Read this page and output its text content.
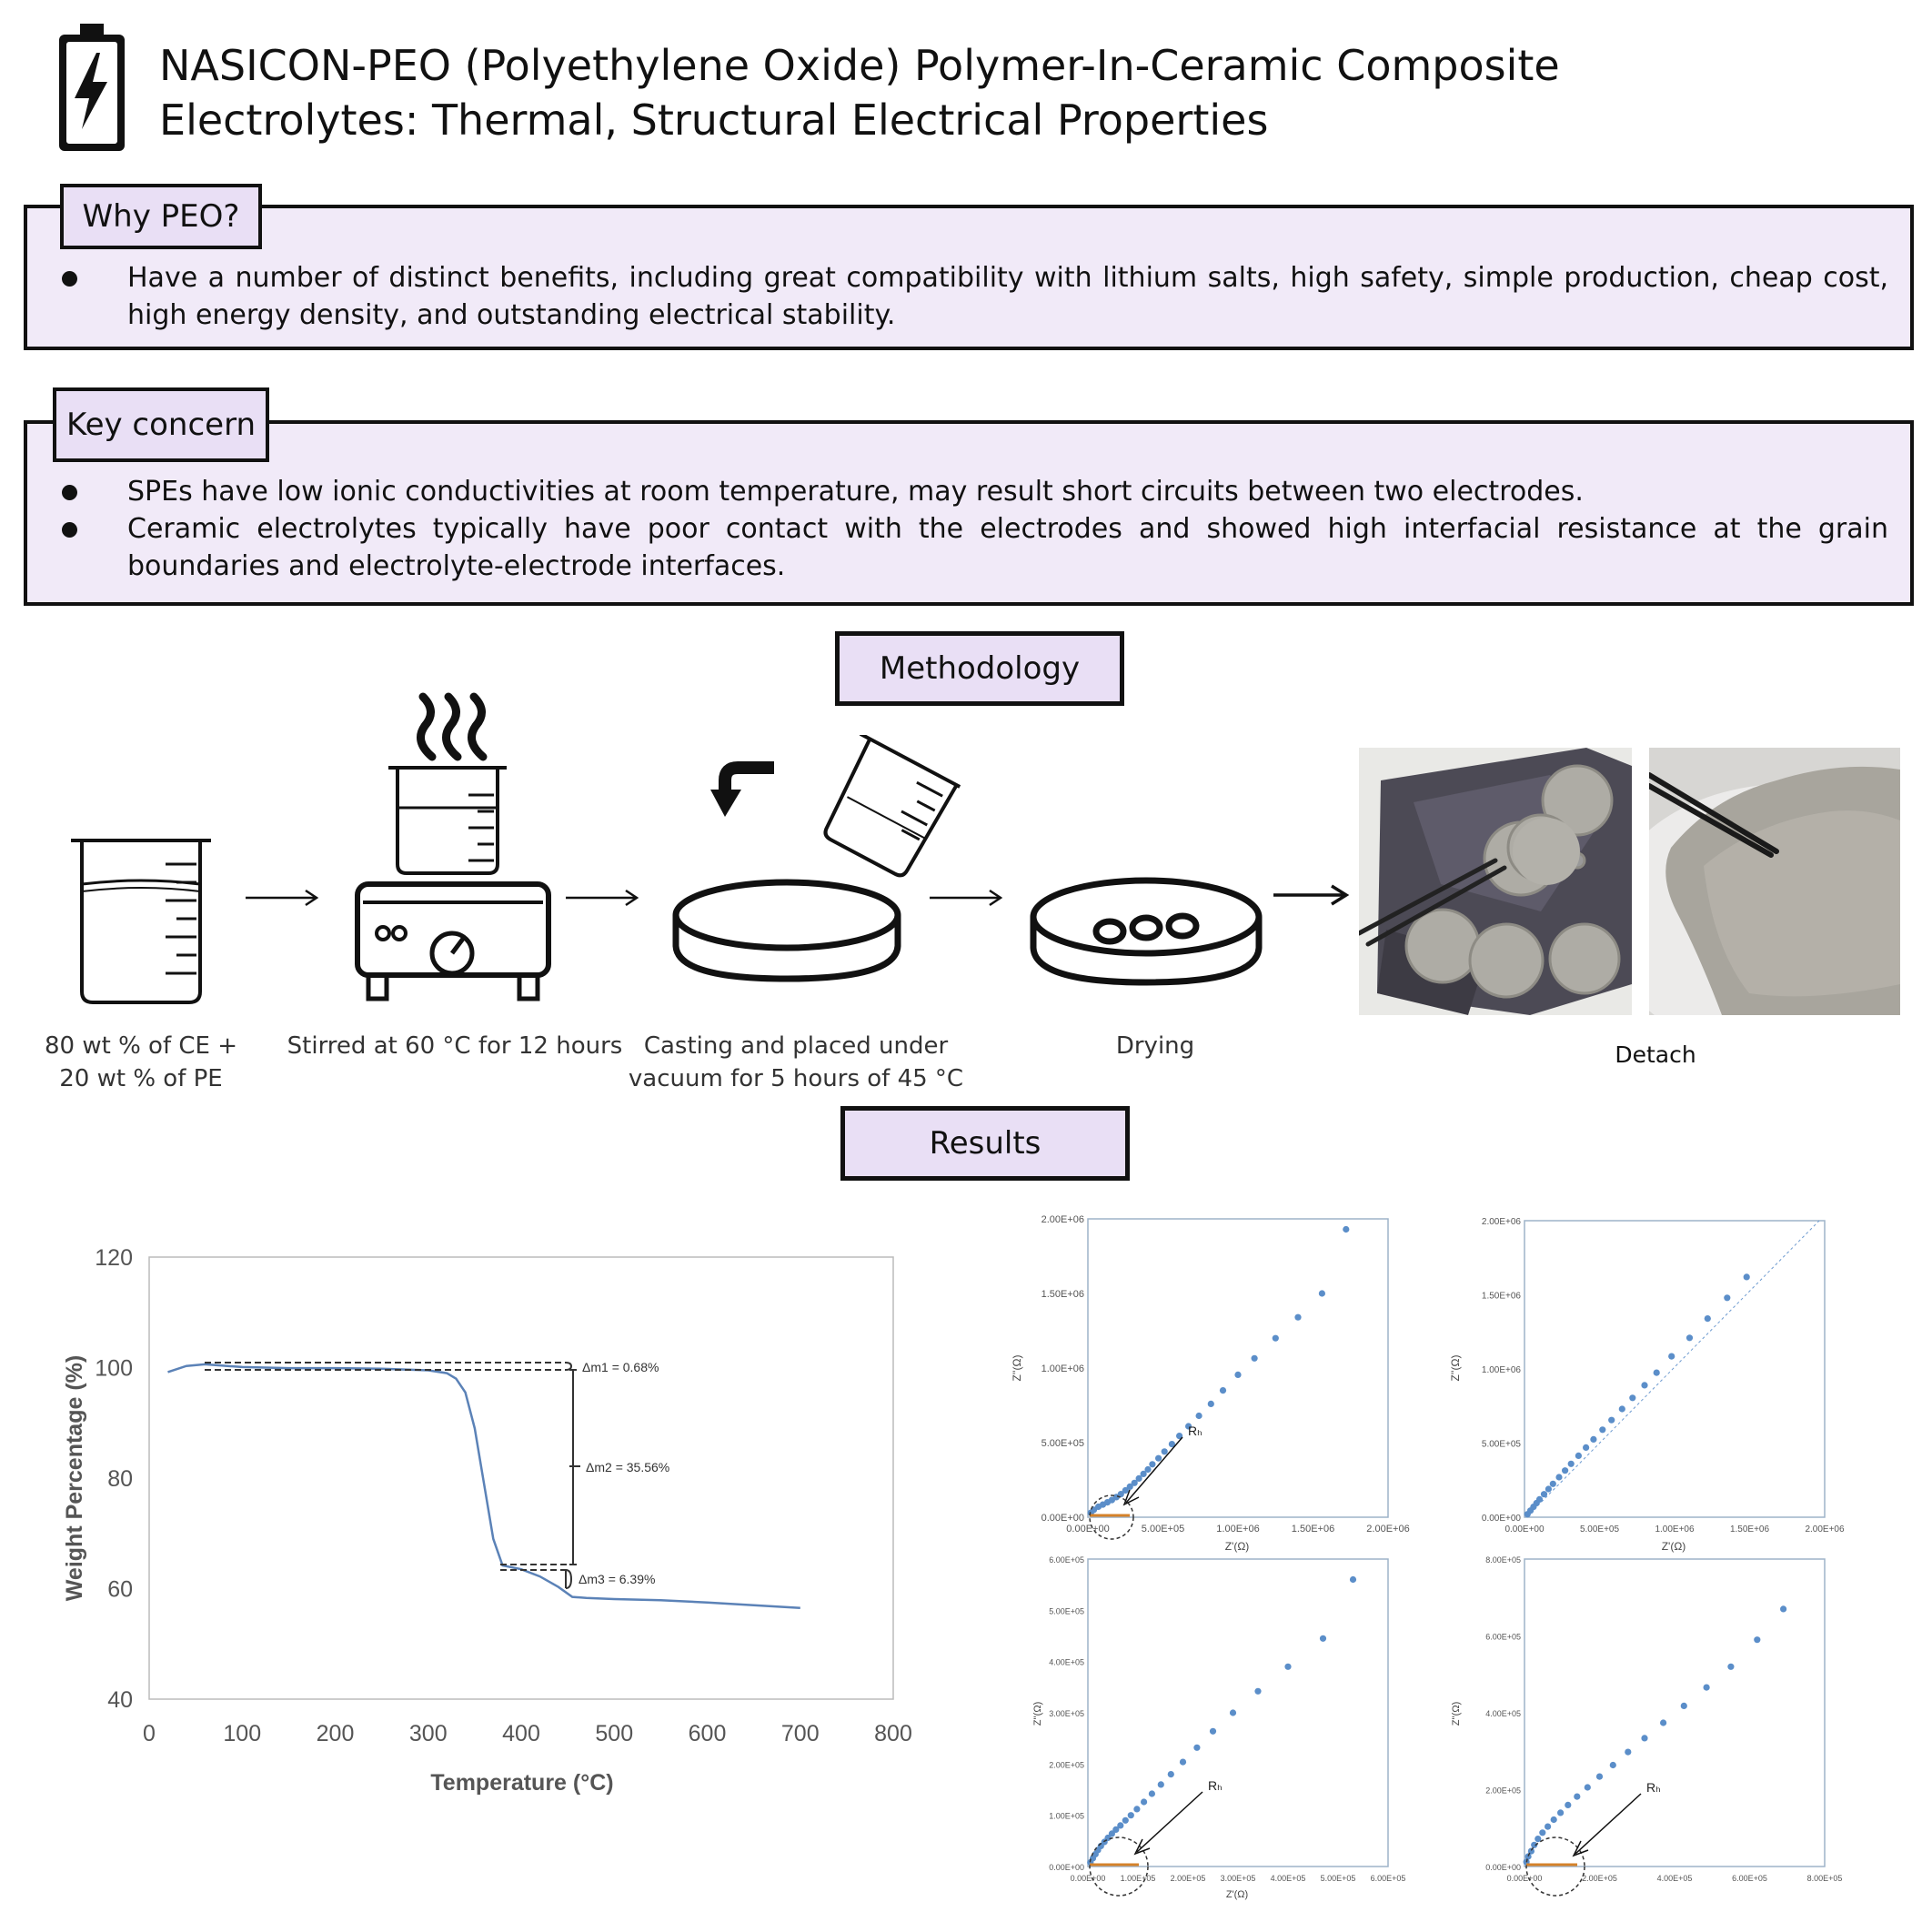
NASICON-PEO (Polyethylene Oxide) Polymer-In-Ceramic Composite
Electrolytes: Thermal, Structural Electrical Properties
Have a number of distinct benefits, including great compatibility with lithium salts, high safety, simple production, cheap cost, high energy density, and outstanding electrical stability.
Why PEO?
SPEs have low ionic conductivities at room temperature, may result short circuits between two electrodes.
Ceramic electrolytes typically have poor contact with the electrodes and showed high interfacial resistance at the grain boundaries and electrolyte-electrode interfaces.
Key concern
Methodology
80 wt % of CE +
20 wt % of PE
Stirred at 60 °C for 12 hours Casting and placed under
vacuum for 5 hours of 45 °C
Drying	Detach
Results
40
60
80
100
120
0	100 200 300 400 500 600 700 800
Weight Percentage (%)
Temperature (°C)
Δm1 = 0.68%
Δm2 = 35.56%
Δm3 = 6.39%
0.00E+00	5.00E+05	1.00E+06	1.50E+06	2.00E+06
0.00E+00
5.00E+05
1.00E+06
1.50E+06
2.00E+06
Z''(Ω)
Z'(Ω)
Rₕ
0.00E+00	5.00E+05	1.00E+06	1.50E+06	2.00E+06
0.00E+00
5.00E+05
1.00E+06
1.50E+06
2.00E+06
Z''(Ω)
Z'(Ω)
0.00E+00 1.00E+05 2.00E+05 3.00E+05 4.00E+05 5.00E+05 6.00E+05
0.00E+00
1.00E+05
2.00E+05
3.00E+05
4.00E+05
5.00E+05
6.00E+05
Z''(Ω)
Z'(Ω)
Rₕ
0.00E+00	2.00E+05	4.00E+05	6.00E+05	8.00E+05
0.00E+00
2.00E+05
4.00E+05
6.00E+05
8.00E+05
Z''(Ω)
Rₕ
